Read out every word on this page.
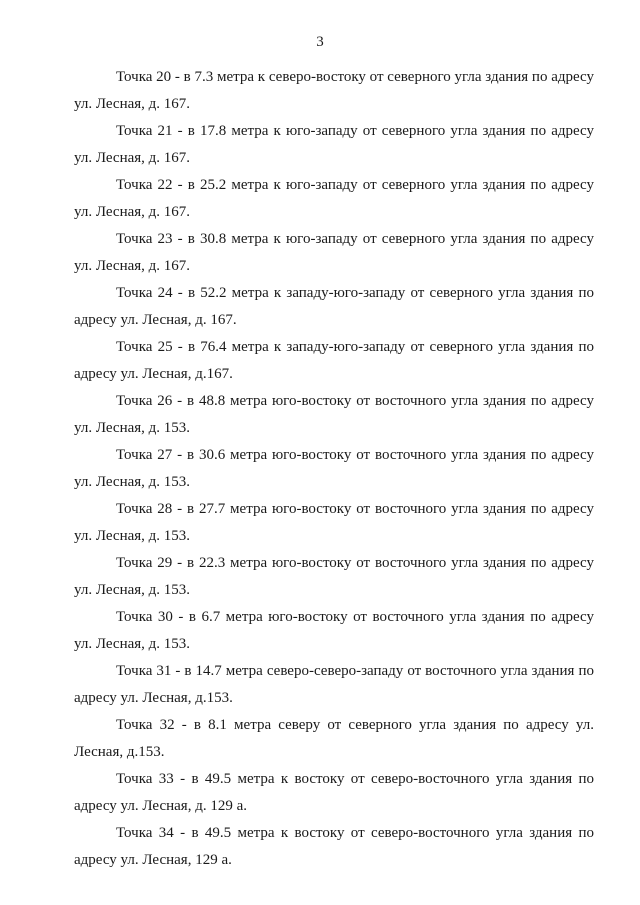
3

Точка 20 - в 7.3 метра к северо-востоку от северного угла здания по адресу ул. Лесная, д. 167.

Точка 21 - в 17.8 метра к юго-западу от северного угла здания по адресу ул. Лесная, д. 167.

Точка 22 - в 25.2 метра к юго-западу от северного угла здания по адресу ул. Лесная, д. 167.

Точка 23 - в 30.8 метра к юго-западу от северного угла здания по адресу ул. Лесная, д. 167.

Точка 24 - в 52.2 метра к западу-юго-западу от северного угла здания по адресу ул. Лесная, д. 167.

Точка 25 - в 76.4 метра к западу-юго-западу от северного угла здания по адресу ул. Лесная, д.167.

Точка 26 - в 48.8 метра юго-востоку от восточного угла здания по адресу ул. Лесная, д. 153.

Точка 27 - в 30.6 метра юго-востоку от восточного угла здания по адресу ул. Лесная, д. 153.

Точка 28 - в 27.7 метра юго-востоку от восточного угла здания по адресу ул. Лесная, д. 153.

Точка 29 - в 22.3 метра юго-востоку от восточного угла здания по адресу ул. Лесная, д. 153.

Точка 30 - в 6.7 метра юго-востоку от восточного угла здания по адресу ул. Лесная, д. 153.

Точка 31 - в 14.7 метра северо-северо-западу от восточного угла здания по адресу ул. Лесная, д.153.

Точка 32 - в 8.1 метра северу от северного угла здания по адресу ул. Лесная, д.153.

Точка 33 - в 49.5 метра к востоку от северо-восточного угла здания по адресу ул. Лесная, д. 129 а.

Точка 34 - в 49.5 метра к востоку от северо-восточного угла здания по адресу ул. Лесная, 129 а.
